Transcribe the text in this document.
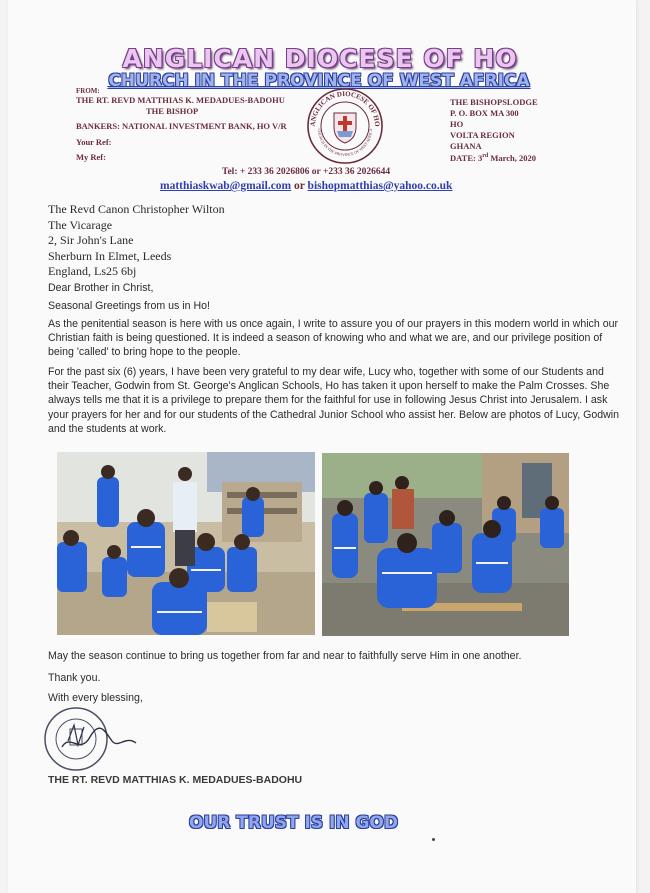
ANGLICAN DIOCESE OF HO
CHURCH IN THE PROVINCE OF WEST AFRICA
FROM:
THE RT. REVD MATTHIAS K. MEDADUES-BADOHU
THE BISHOP
BANKERS: NATIONAL INVESTMENT BANK, HO V/R
Your Ref:
My Ref:
THE BISHOPSLODGE
P. O. BOX MA 300
HO
VOLTA REGION
GHANA
DATE: 3rd March, 2020
ANGLICAN DIOCESE OF HO
CHURCH IN THE PROVINCE OF WEST AFRICA
Tel: + 233 36 2026806 or +233 36 2026644
matthiaskwab@gmail.com or bishopmatthias@yahoo.co.uk
The Revd Canon Christopher Wilton
The Vicarage
2, Sir John's Lane
Sherburn In Elmet, Leeds
England, Ls25 6bj
Dear Brother in Christ,
Seasonal Greetings from us in Ho!
As the penitential season is here with us once again, I write to assure you of our prayers in this modern world in which our Christian faith is being questioned. It is indeed a season of knowing who and what we are, and our privilege position of being 'called' to bring hope to the people.
For the past six (6) years, I have been very grateful to my dear wife, Lucy who, together with some of our Students and their Teacher, Godwin from St. George's Anglican Schools, Ho has taken it upon herself to make the Palm Crosses. She always tells me that it is a privilege to prepare them for the faithful for use in following Jesus Christ into Jerusalem. I ask your prayers for her and for our students of the Cathedral Junior School who assist her. Below are photos of Lucy, Godwin and the students at work.
May the season continue to bring us together from far and near to faithfully serve Him in one another.
Thank you.
With every blessing,
THE RT. REVD MATTHIAS K. MEDADUES-BADOHU
OUR TRUST IS IN GOD
